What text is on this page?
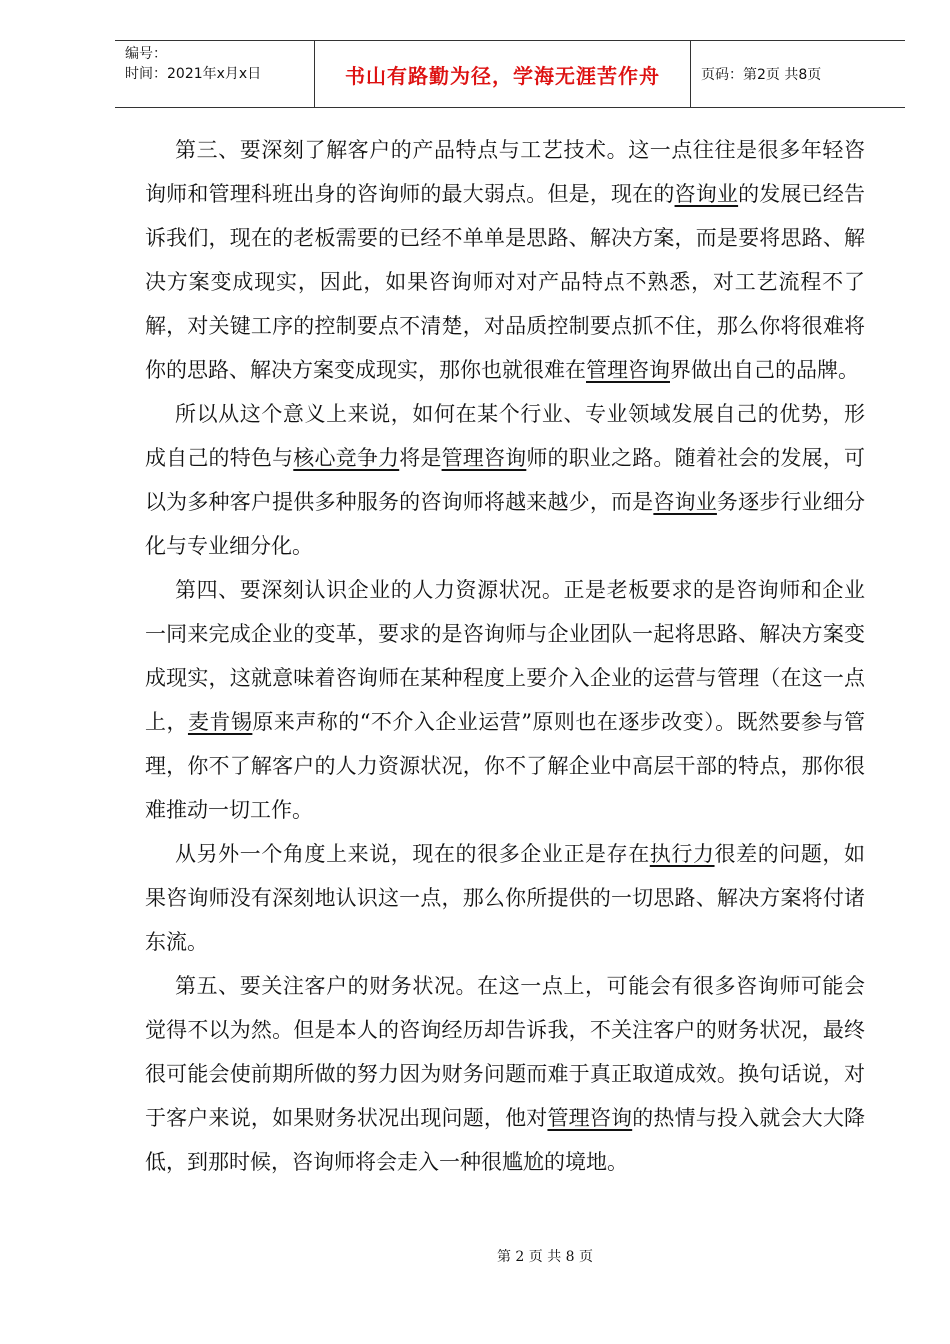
编号：
时间：2021年x月x日	书山有路勤为径，学海无涯苦作舟	页码：第2页 共8页

第三、要深刻了解客户的产品特点与工艺技术。这一点往往是很多年轻咨询师和管理科班出身的咨询师的最大弱点。但是，现在的咨询业的发展已经告诉我们，现在的老板需要的已经不单单是思路、解决方案，而是要将思路、解决方案变成现实，因此，如果咨询师对对产品特点不熟悉，对工艺流程不了解，对关键工序的控制要点不清楚，对品质控制要点抓不住，那么你将很难将你的思路、解决方案变成现实，那你也就很难在管理咨询界做出自己的品牌。

所以从这个意义上来说，如何在某个行业、专业领域发展自己的优势，形成自己的特色与核心竞争力将是管理咨询师的职业之路。随着社会的发展，可以为多种客户提供多种服务的咨询师将越来越少，而是咨询业务逐步行业细分化与专业细分化。

第四、要深刻认识企业的人力资源状况。正是老板要求的是咨询师和企业一同来完成企业的变革，要求的是咨询师与企业团队一起将思路、解决方案变成现实，这就意味着咨询师在某种程度上要介入企业的运营与管理（在这一点上，麦肯锡原来声称的“不介入企业运营”原则也在逐步改变）。既然要参与管理，你不了解客户的人力资源状况，你不了解企业中高层干部的特点，那你很难推动一切工作。

从另外一个角度上来说，现在的很多企业正是存在执行力很差的问题，如果咨询师没有深刻地认识这一点，那么你所提供的一切思路、解决方案将付诸东流。

第五、要关注客户的财务状况。在这一点上，可能会有很多咨询师可能会觉得不以为然。但是本人的咨询经历却告诉我，不关注客户的财务状况，最终很可能会使前期所做的努力因为财务问题而难于真正取道成效。换句话说，对于客户来说，如果财务状况出现问题，他对管理咨询的热情与投入就会大大降低，到那时候，咨询师将会走入一种很尴尬的境地。

第 2 页 共 8 页
